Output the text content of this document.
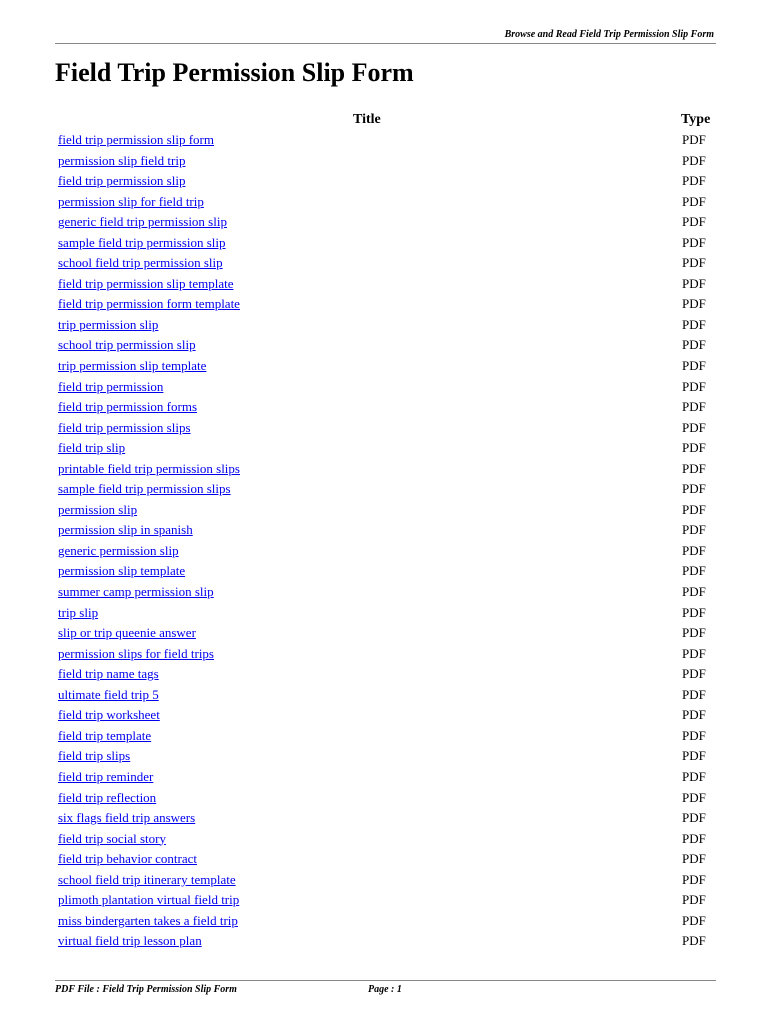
Browse and Read Field Trip Permission Slip Form
Field Trip Permission Slip Form
Title	Type
field trip permission slip form	PDF
permission slip field trip	PDF
field trip permission slip	PDF
permission slip for field trip	PDF
generic field trip permission slip	PDF
sample field trip permission slip	PDF
school field trip permission slip	PDF
field trip permission slip template	PDF
field trip permission form template	PDF
trip permission slip	PDF
school trip permission slip	PDF
trip permission slip template	PDF
field trip permission	PDF
field trip permission forms	PDF
field trip permission slips	PDF
field trip slip	PDF
printable field trip permission slips	PDF
sample field trip permission slips	PDF
permission slip	PDF
permission slip in spanish	PDF
generic permission slip	PDF
permission slip template	PDF
summer camp permission slip	PDF
trip slip	PDF
slip or trip queenie answer	PDF
permission slips for field trips	PDF
field trip name tags	PDF
ultimate field trip 5	PDF
field trip worksheet	PDF
field trip template	PDF
field trip slips	PDF
field trip reminder	PDF
field trip reflection	PDF
six flags field trip answers	PDF
field trip social story	PDF
field trip behavior contract	PDF
school field trip itinerary template	PDF
plimoth plantation virtual field trip	PDF
miss bindergarten takes a field trip	PDF
virtual field trip lesson plan	PDF
PDF File : Field Trip Permission Slip Form	Page : 1
